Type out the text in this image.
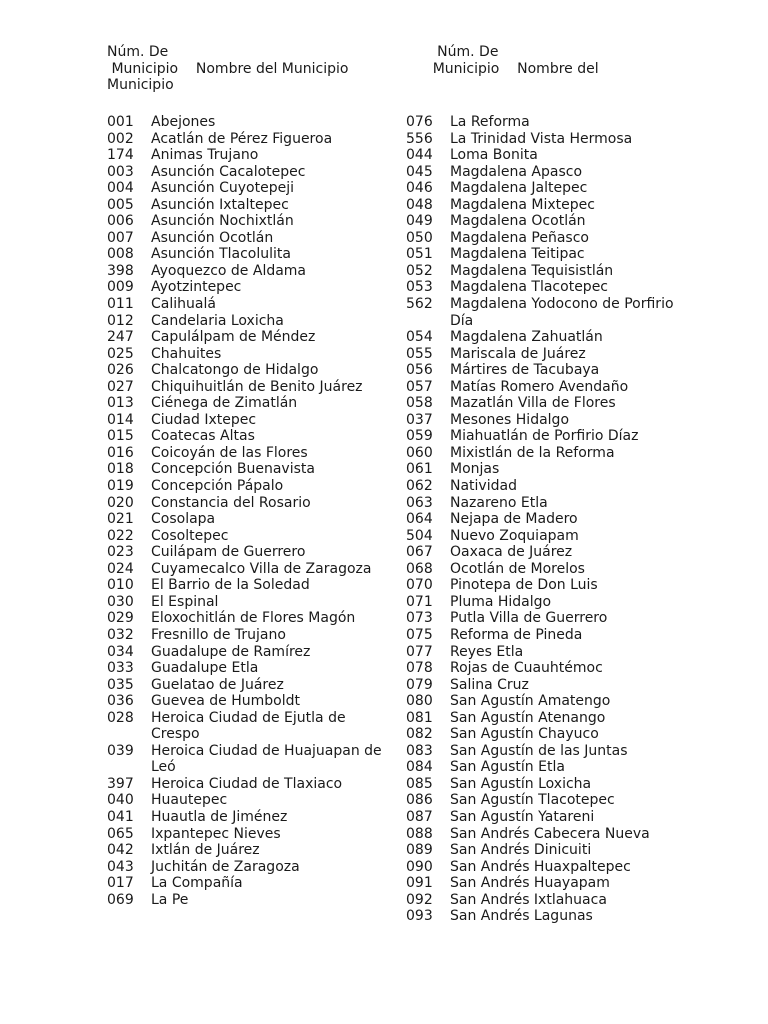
Núm. De
Municipio    Nombre del Municipio
Municipio
001 Abejones
002 Acatlán de Pérez Figueroa
174 Animas Trujano
003 Asunción Cacalotepec
004 Asunción Cuyotepeji
005 Asunción Ixtaltepec
006 Asunción Nochixtlán
007 Asunción Ocotlán
008 Asunción Tlacolulita
398 Ayoquezco de Aldama
009 Ayotzintepec
011 Calihualá
012 Candelaria Loxicha
247 Capulálpam de Méndez
025 Chahuites
026 Chalcatongo de Hidalgo
027 Chiquihuitlán de Benito Juárez
013 Ciénega de Zimatlán
014 Ciudad Ixtepec
015 Coatecas Altas
016 Coicoyán de las Flores
018 Concepción Buenavista
019 Concepción Pápalo
020 Constancia del Rosario
021 Cosolapa
022 Cosoltepec
023 Cuilápam de Guerrero
024 Cuyamecalco Villa de Zaragoza
010 El Barrio de la Soledad
030 El Espinal
029 Eloxochitlán de Flores Magón
032 Fresnillo de Trujano
034 Guadalupe de Ramírez
033 Guadalupe Etla
035 Guelatao de Juárez
036 Guevea de Humboldt
028 Heroica Ciudad de Ejutla de Crespo
039 Heroica Ciudad de Huajuapan de Leó
397 Heroica Ciudad de Tlaxiaco
040 Huautepec
041 Huautla de Jiménez
065 Ixpantepec Nieves
042 Ixtlán de Juárez
043 Juchitán de Zaragoza
017 La Compañía
069 La Pe
Núm. De
Municipio    Nombre del
076 La Reforma
556 La Trinidad Vista Hermosa
044 Loma Bonita
045 Magdalena Apasco
046 Magdalena Jaltepec
048 Magdalena Mixtepec
049 Magdalena Ocotlán
050 Magdalena Peñasco
051 Magdalena Teitipac
052 Magdalena Tequisistlán
053 Magdalena Tlacotepec
562 Magdalena Yodocono de Porfirio Día
054 Magdalena Zahuatlán
055 Mariscala de Juárez
056 Mártires de Tacubaya
057 Matías Romero Avendaño
058 Mazatlán Villa de Flores
037 Mesones Hidalgo
059 Miahuatlán de Porfirio Díaz
060 Mixistlán de la Reforma
061 Monjas
062 Natividad
063 Nazareno Etla
064 Nejapa de Madero
504 Nuevo Zoquiapam
067 Oaxaca de Juárez
068 Ocotlán de Morelos
070 Pinotepa de Don Luis
071 Pluma Hidalgo
073 Putla Villa de Guerrero
075 Reforma de Pineda
077 Reyes Etla
078 Rojas de Cuauhtémoc
079 Salina Cruz
080 San Agustín Amatengo
081 San Agustín Atenango
082 San Agustín Chayuco
083 San Agustín de las Juntas
084 San Agustín Etla
085 San Agustín Loxicha
086 San Agustín Tlacotepec
087 San Agustín Yatareni
088 San Andrés Cabecera Nueva
089 San Andrés Dinicuiti
090 San Andrés Huaxpaltepec
091 San Andrés Huayapam
092 San Andrés Ixtlahuaca
093 San Andrés Lagunas
